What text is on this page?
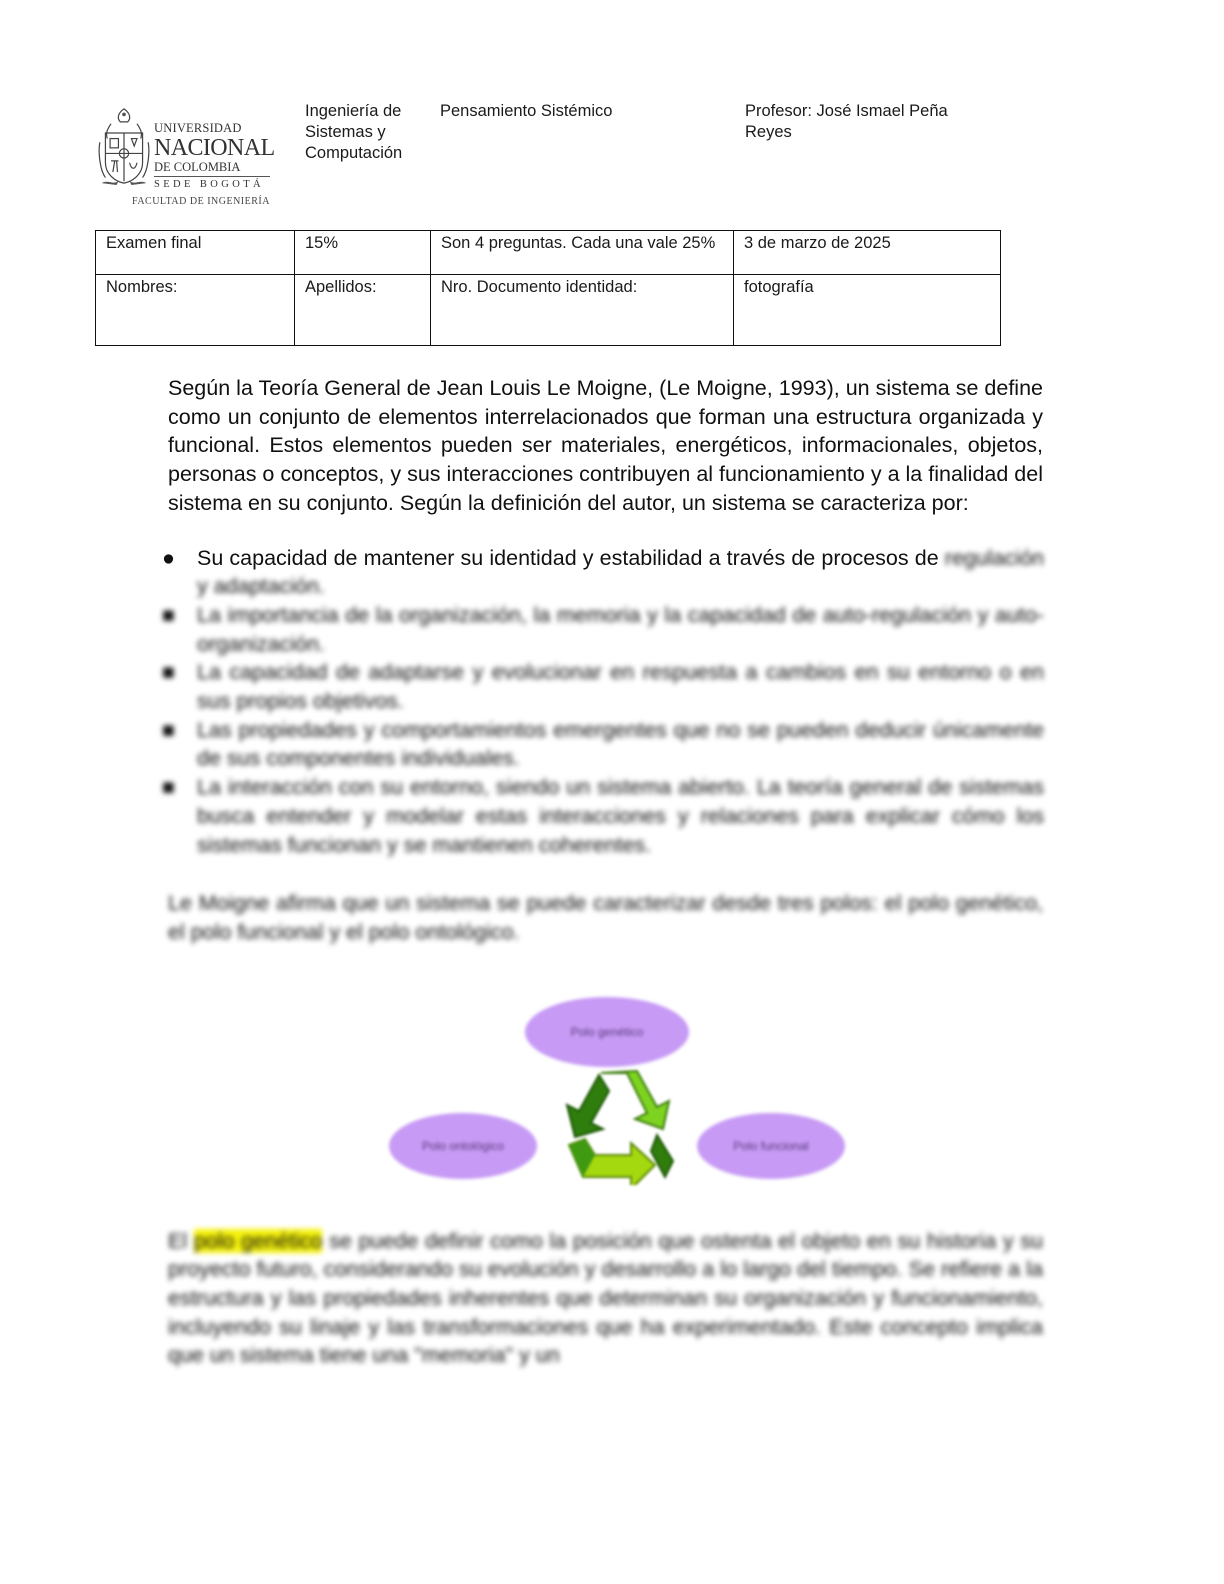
UNIVERSIDAD
NACIONAL
DE COLOMBIA
SEDE BOGOTÁ
FACULTAD DE INGENIERÍA
Ingeniería de Sistemas y Computación
Pensamiento Sistémico	Profesor: José Ismael Peña Reyes
Examen final	15%	Son 4 preguntas. Cada una vale 25%	3 de marzo de 2025
Nombres:	Apellidos:	Nro. Documento identidad:	fotografía

Según la Teoría General de Jean Louis Le Moigne, (Le Moigne, 1993), un sistema se define como un conjunto de elementos interrelacionados que forman una estructura organizada y funcional. Estos elementos pueden ser materiales, energéticos, informacionales, objetos, personas o conceptos, y sus interacciones contribuyen al funcionamiento y a la finalidad del sistema en su conjunto. Según la definición del autor, un sistema se caracteriza por:

● Su capacidad de mantener su identidad y estabilidad a través de procesos de regulación y adaptación.
■ La importancia de la organización, la memoria y la capacidad de auto-regulación y auto-organización.
■ La capacidad de adaptarse y evolucionar en respuesta a cambios en su entorno o en sus propios objetivos.
■ Las propiedades y comportamientos emergentes que no se pueden deducir únicamente de sus componentes individuales.
■ La interacción con su entorno, siendo un sistema abierto. La teoría general de sistemas busca entender y modelar estas interacciones y relaciones para explicar cómo los sistemas funcionan y se mantienen coherentes.

Le Moigne afirma que un sistema se puede caracterizar desde tres polos: el polo genético, el polo funcional y el polo ontológico.

Polo genético
Polo ontológico	Polo funcional

El polo genético se puede definir como la posición que ostenta el objeto en su historia y su proyecto futuro, considerando su evolución y desarrollo a lo largo del tiempo. Se refiere a la estructura y las propiedades inherentes que determinan su organización y funcionamiento, incluyendo su linaje y las transformaciones que ha experimentado. Este concepto implica que un sistema tiene una "memoria" y un
